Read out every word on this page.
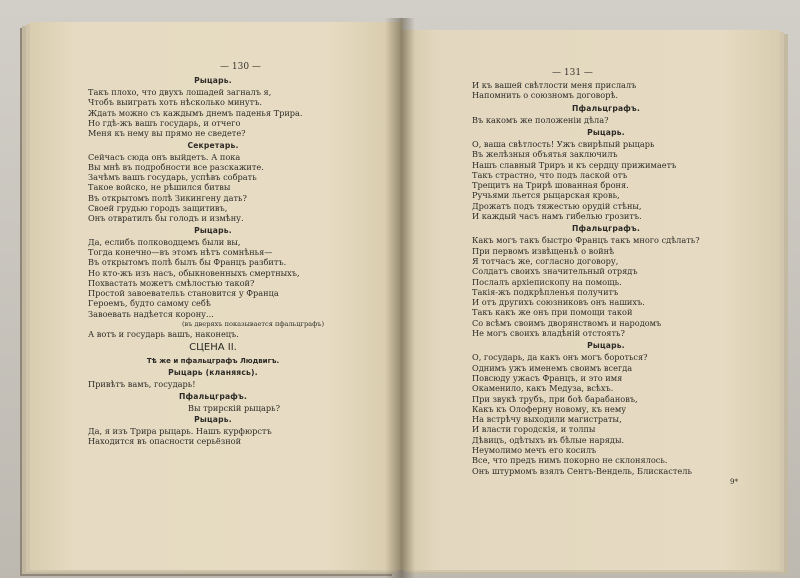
— 130 —
Рыцарь.
Такъ плохо, что двухъ лошадей загналъ я,
Чтобъ выиграть хоть нѣсколько минутъ.
Ждать можно съ каждымъ днемъ паденья Трира.
Но гдѣ-жъ вашъ государь, и отчего
Меня къ нему вы прямо не сведете?
Секретарь.
Сейчасъ сюда онъ выйдетъ. А пока
Вы мнѣ въ подробности все разскажите.
Зачѣмъ вашъ государь, успѣвъ собрать
Такое войско, не рѣшился битвы
Въ открытомъ полѣ Зикингену дать?
Своей грудью городъ защитивъ,
Онъ отвратилъ бы голодъ и измѣну.
Рыцарь.
Да, еслибъ полководцемъ были вы,
Тогда конечно—въ этомъ нѣтъ сомнѣнья—
Въ открытомъ полѣ былъ бы Францъ разбитъ.
Но кто-жъ изъ насъ, обыкновенныхъ смертныхъ,
Похвастать можетъ смѣлостью такой?
Простой завоевательъ становится у Франца
Героемъ, будто самому себѣ
Завоевать надѣется корону...
(въ дверяхъ показывается пфальцграфъ)
А вотъ и государь вашъ, наконецъ.
СЦЕНА II.
Тѣ же и пфальцграфъ Людвигъ.
Рыцарь (кланяясь).
Привѣтъ вамъ, государь!
Пфальцграфъ.
Вы трирскій рыцарь?
Рыцарь.
Да, я изъ Трира рыцарь. Нашъ курфюрстъ
Находится въ опасности серьёзной
— 131 —
И къ вашей свѣтлости меня прислалъ
Напомнить о союзномъ договорѣ.
Пфальцграфъ.
Въ какомъ же положеніи дѣла?
Рыцарь.
О, ваша свѣтлость! Ужъ свирѣпый рыцарь
Въ желѣзныя объятья заключилъ
Нашъ славный Триръ и къ сердцу прижимаетъ
Такъ страстно, что подъ лаской отъ
Трещитъ на Трирѣ шованная броня.
Ручьями льется рыцарская кровь,
Дрожатъ подъ тяжестью орудій стѣны,
И каждый часъ намъ гибелью грозитъ.
Пфальцграфъ.
Какъ могъ такъ быстро Францъ такъ много сдѣлать?
При первомъ извѣщеньѣ о войнѣ
Я тотчасъ же, согласно договору,
Солдатъ своихъ значительный отрядъ
Послалъ архіепископу на помощь.
Такія-жъ подкрѣпленья получитъ
И отъ другихъ союзниковъ онъ нашихъ.
Такъ какъ же онъ при помощи такой
Со всѣмъ своимъ дворянствомъ и народомъ
Не могъ своихъ владѣній отстоять?
Рыцарь.
О, государь, да какъ онъ могъ бороться?
Однимъ ужъ именемъ своимъ всегда
Повсюду ужасъ Францъ, и это имя
Окаменило, какъ Медуза, всѣхъ.
При звукѣ трубъ, при боѣ барабановъ,
Какъ къ Олоферну новому, къ нему
На встрѣчу выходили магистраты,
И власти городскія, и толпы
Дѣвицъ, одѣтыхъ въ бѣлые наряды.
Неумолимо мечъ его косилъ
Все, что предъ нимъ покорно не склонялось.
Онъ штурмомъ взялъ Сентъ-Вендель, Блискастель
9*
